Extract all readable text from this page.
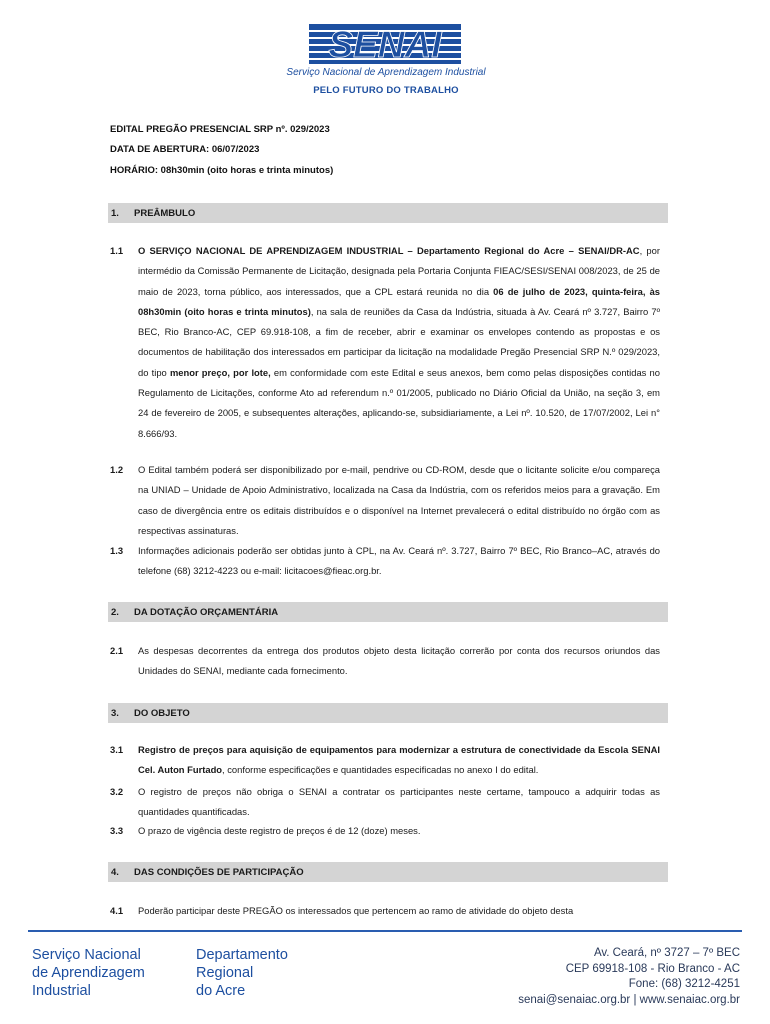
SENAI
Serviço Nacional de Aprendizagem Industrial
PELO FUTURO DO TRABALHO
EDITAL PREGÃO PRESENCIAL SRP nº. 029/2023
DATA DE ABERTURA: 06/07/2023
HORÁRIO: 08h30min (oito horas e trinta minutos)
1.	PREÂMBULO
1.1	O SERVIÇO NACIONAL DE APRENDIZAGEM INDUSTRIAL – Departamento Regional do Acre – SENAI/DR-AC, por intermédio da Comissão Permanente de Licitação, designada pela Portaria Conjunta FIEAC/SESI/SENAI 008/2023, de 25 de maio de 2023, torna público, aos interessados, que a CPL estará reunida no dia 06 de julho de 2023, quinta-feira, às 08h30min (oito horas e trinta minutos), na sala de reuniões da Casa da Indústria, situada à Av. Ceará nº 3.727, Bairro 7º BEC, Rio Branco-AC, CEP 69.918-108, a fim de receber, abrir e examinar os envelopes contendo as propostas e os documentos de habilitação dos interessados em participar da licitação na modalidade Pregão Presencial SRP N.º 029/2023, do tipo menor preço, por lote, em conformidade com este Edital e seus anexos, bem como pelas disposições contidas no Regulamento de Licitações, conforme Ato ad referendum n.º 01/2005, publicado no Diário Oficial da União, na seção 3, em 24 de fevereiro de 2005, e subsequentes alterações, aplicando-se, subsidiariamente, a Lei nº. 10.520, de 17/07/2002, Lei n° 8.666/93.
1.2	O Edital também poderá ser disponibilizado por e-mail, pendrive ou CD-ROM, desde que o licitante solicite e/ou compareça na UNIAD – Unidade de Apoio Administrativo, localizada na Casa da Indústria, com os referidos meios para a gravação. Em caso de divergência entre os editais distribuídos e o disponível na Internet prevalecerá o edital distribuído no órgão com as respectivas assinaturas.
1.3	Informações adicionais poderão ser obtidas junto à CPL, na Av. Ceará nº. 3.727, Bairro 7º BEC, Rio Branco–AC, através do telefone (68) 3212-4223 ou e-mail: licitacoes@fieac.org.br.
2.	DA DOTAÇÃO ORÇAMENTÁRIA
2.1	As despesas decorrentes da entrega dos produtos objeto desta licitação correrão por conta dos recursos oriundos das Unidades do SENAI, mediante cada fornecimento.
3.	DO OBJETO
3.1	Registro de preços para aquisição de equipamentos para modernizar a estrutura de conectividade da Escola SENAI Cel. Auton Furtado, conforme especificações e quantidades especificadas no anexo I do edital.
3.2	O registro de preços não obriga o SENAI a contratar os participantes neste certame, tampouco a adquirir todas as quantidades quantificadas.
3.3	O prazo de vigência deste registro de preços é de 12 (doze) meses.
4.	DAS CONDIÇÕES DE PARTICIPAÇÃO
4.1	Poderão participar deste PREGÃO os interessados que pertencem ao ramo de atividade do objeto desta
Serviço Nacional
de Aprendizagem
Industrial
Departamento
Regional
do Acre
Av. Ceará, nº 3727 – 7º BEC
CEP 69918-108 - Rio Branco - AC
Fone: (68) 3212-4251
senai@senaiac.org.br | www.senaiac.org.br
